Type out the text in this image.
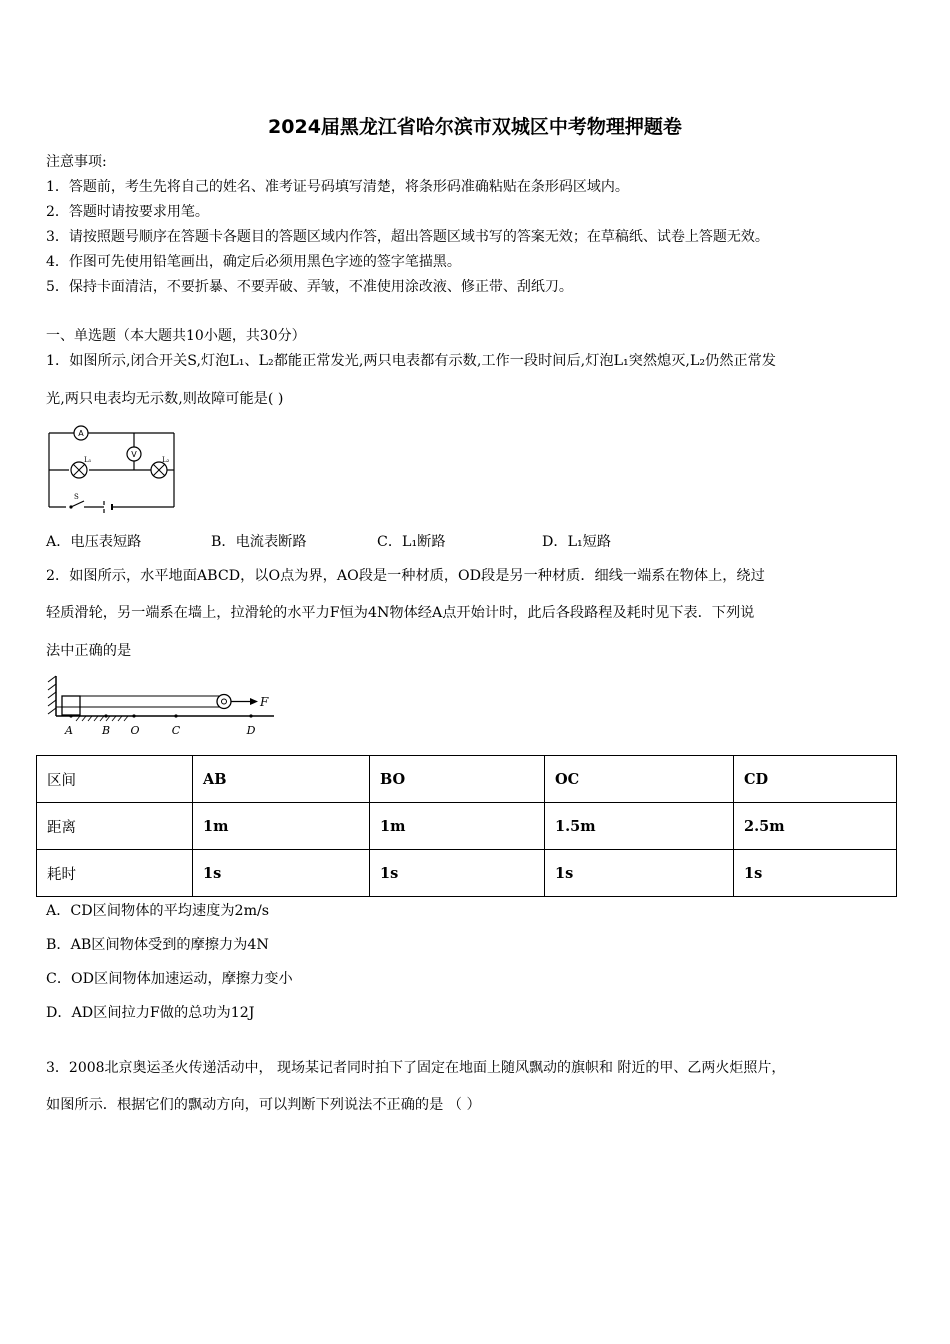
2024届黑龙江省哈尔滨市双城区中考物理押题卷
注意事项:
1．答题前，考生先将自己的姓名、准考证号码填写清楚，将条形码准确粘贴在条形码区域内。
2．答题时请按要求用笔。
3．请按照题号顺序在答题卡各题目的答题区域内作答，超出答题区域书写的答案无效；在草稿纸、试卷上答题无效。
4．作图可先使用铅笔画出，确定后必须用黑色字迹的签字笔描黑。
5．保持卡面清洁，不要折暴、不要弄破、弄皱，不准使用涂改液、修正带、刮纸刀。
一、单选题（本大题共10小题，共30分）
1．如图所示,闭合开关S,灯泡L₁、L₂都能正常发光,两只电表都有示数,工作一段时间后,灯泡L₁突然熄灭,L₂仍然正常发
光,两只电表均无示数,则故障可能是( )
A
V
L₁	L₂
S
A．电压表短路	B．电流表断路	C．L₁断路	D．L₁短路
2．如图所示，水平地面ABCD，以O点为界，AO段是一种材质，OD段是另一种材质．细线一端系在物体上，绕过
轻质滑轮，另一端系在墙上，拉滑轮的水平力F恒为4N物体经A点开始计时，此后各段路程及耗时见下表．下列说
法中正确的是
F
A	B O	C	D
区间	AB	BO	OC	CD
距离	1m	1m	1.5m	2.5m
耗时	1s	1s	1s	1s
A．CD区间物体的平均速度为2m/s
B．AB区间物体受到的摩擦力为4N
C．OD区间物体加速运动，摩擦力变小
D．AD区间拉力F做的总功为12J
3．2008北京奥运圣火传递活动中， 现场某记者同时拍下了固定在地面上随风飘动的旗帜和 附近的甲、乙两火炬照片，
如图所示．根据它们的飘动方向，可以判断下列说法不正确的是 （ ）
